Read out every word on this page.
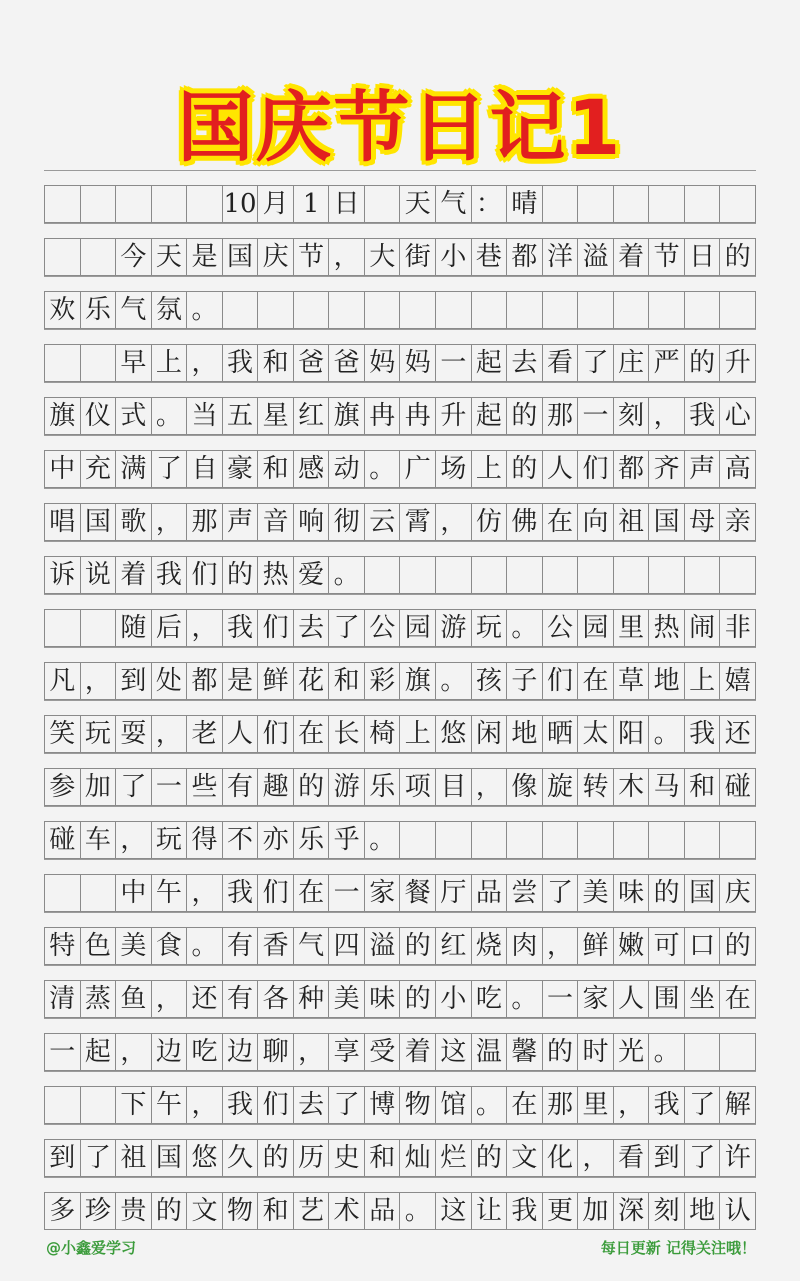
国庆节日记1
10 月 1 日 天 气 ： 晴
今 天 是 国 庆 节 ， 大 街 小 巷 都 洋 溢 着 节 日 的
欢 乐 气 氛 。
早 上 ， 我 和 爸 爸 妈 妈 一 起 去 看 了 庄 严 的 升
旗 仪 式 。 当 五 星 红 旗 冉 冉 升 起 的 那 一 刻 ， 我 心
中 充 满 了 自 豪 和 感 动 。 广 场 上 的 人 们 都 齐 声 高
唱 国 歌 ， 那 声 音 响 彻 云 霄 ， 仿 佛 在 向 祖 国 母 亲
诉 说 着 我 们 的 热 爱 。
随 后 ， 我 们 去 了 公 园 游 玩 。 公 园 里 热 闹 非
凡 ， 到 处 都 是 鲜 花 和 彩 旗 。 孩 子 们 在 草 地 上 嬉
笑 玩 耍 ， 老 人 们 在 长 椅 上 悠 闲 地 晒 太 阳 。 我 还
参 加 了 一 些 有 趣 的 游 乐 项 目 ， 像 旋 转 木 马 和 碰
碰 车 ， 玩 得 不 亦 乐 乎 。
中 午 ， 我 们 在 一 家 餐 厅 品 尝 了 美 味 的 国 庆
特 色 美 食 。 有 香 气 四 溢 的 红 烧 肉 ， 鲜 嫩 可 口 的
清 蒸 鱼 ， 还 有 各 种 美 味 的 小 吃 。 一 家 人 围 坐 在
一 起 ， 边 吃 边 聊 ， 享 受 着 这 温 馨 的 时 光 。
下 午 ， 我 们 去 了 博 物 馆 。 在 那 里 ， 我 了 解
到 了 祖 国 悠 久 的 历 史 和 灿 烂 的 文 化 ， 看 到 了 许
多 珍 贵 的 文 物 和 艺 术 品 。 这 让 我 更 加 深 刻 地 认
@小鑫爱学习	每日更新 记得关注哦！
